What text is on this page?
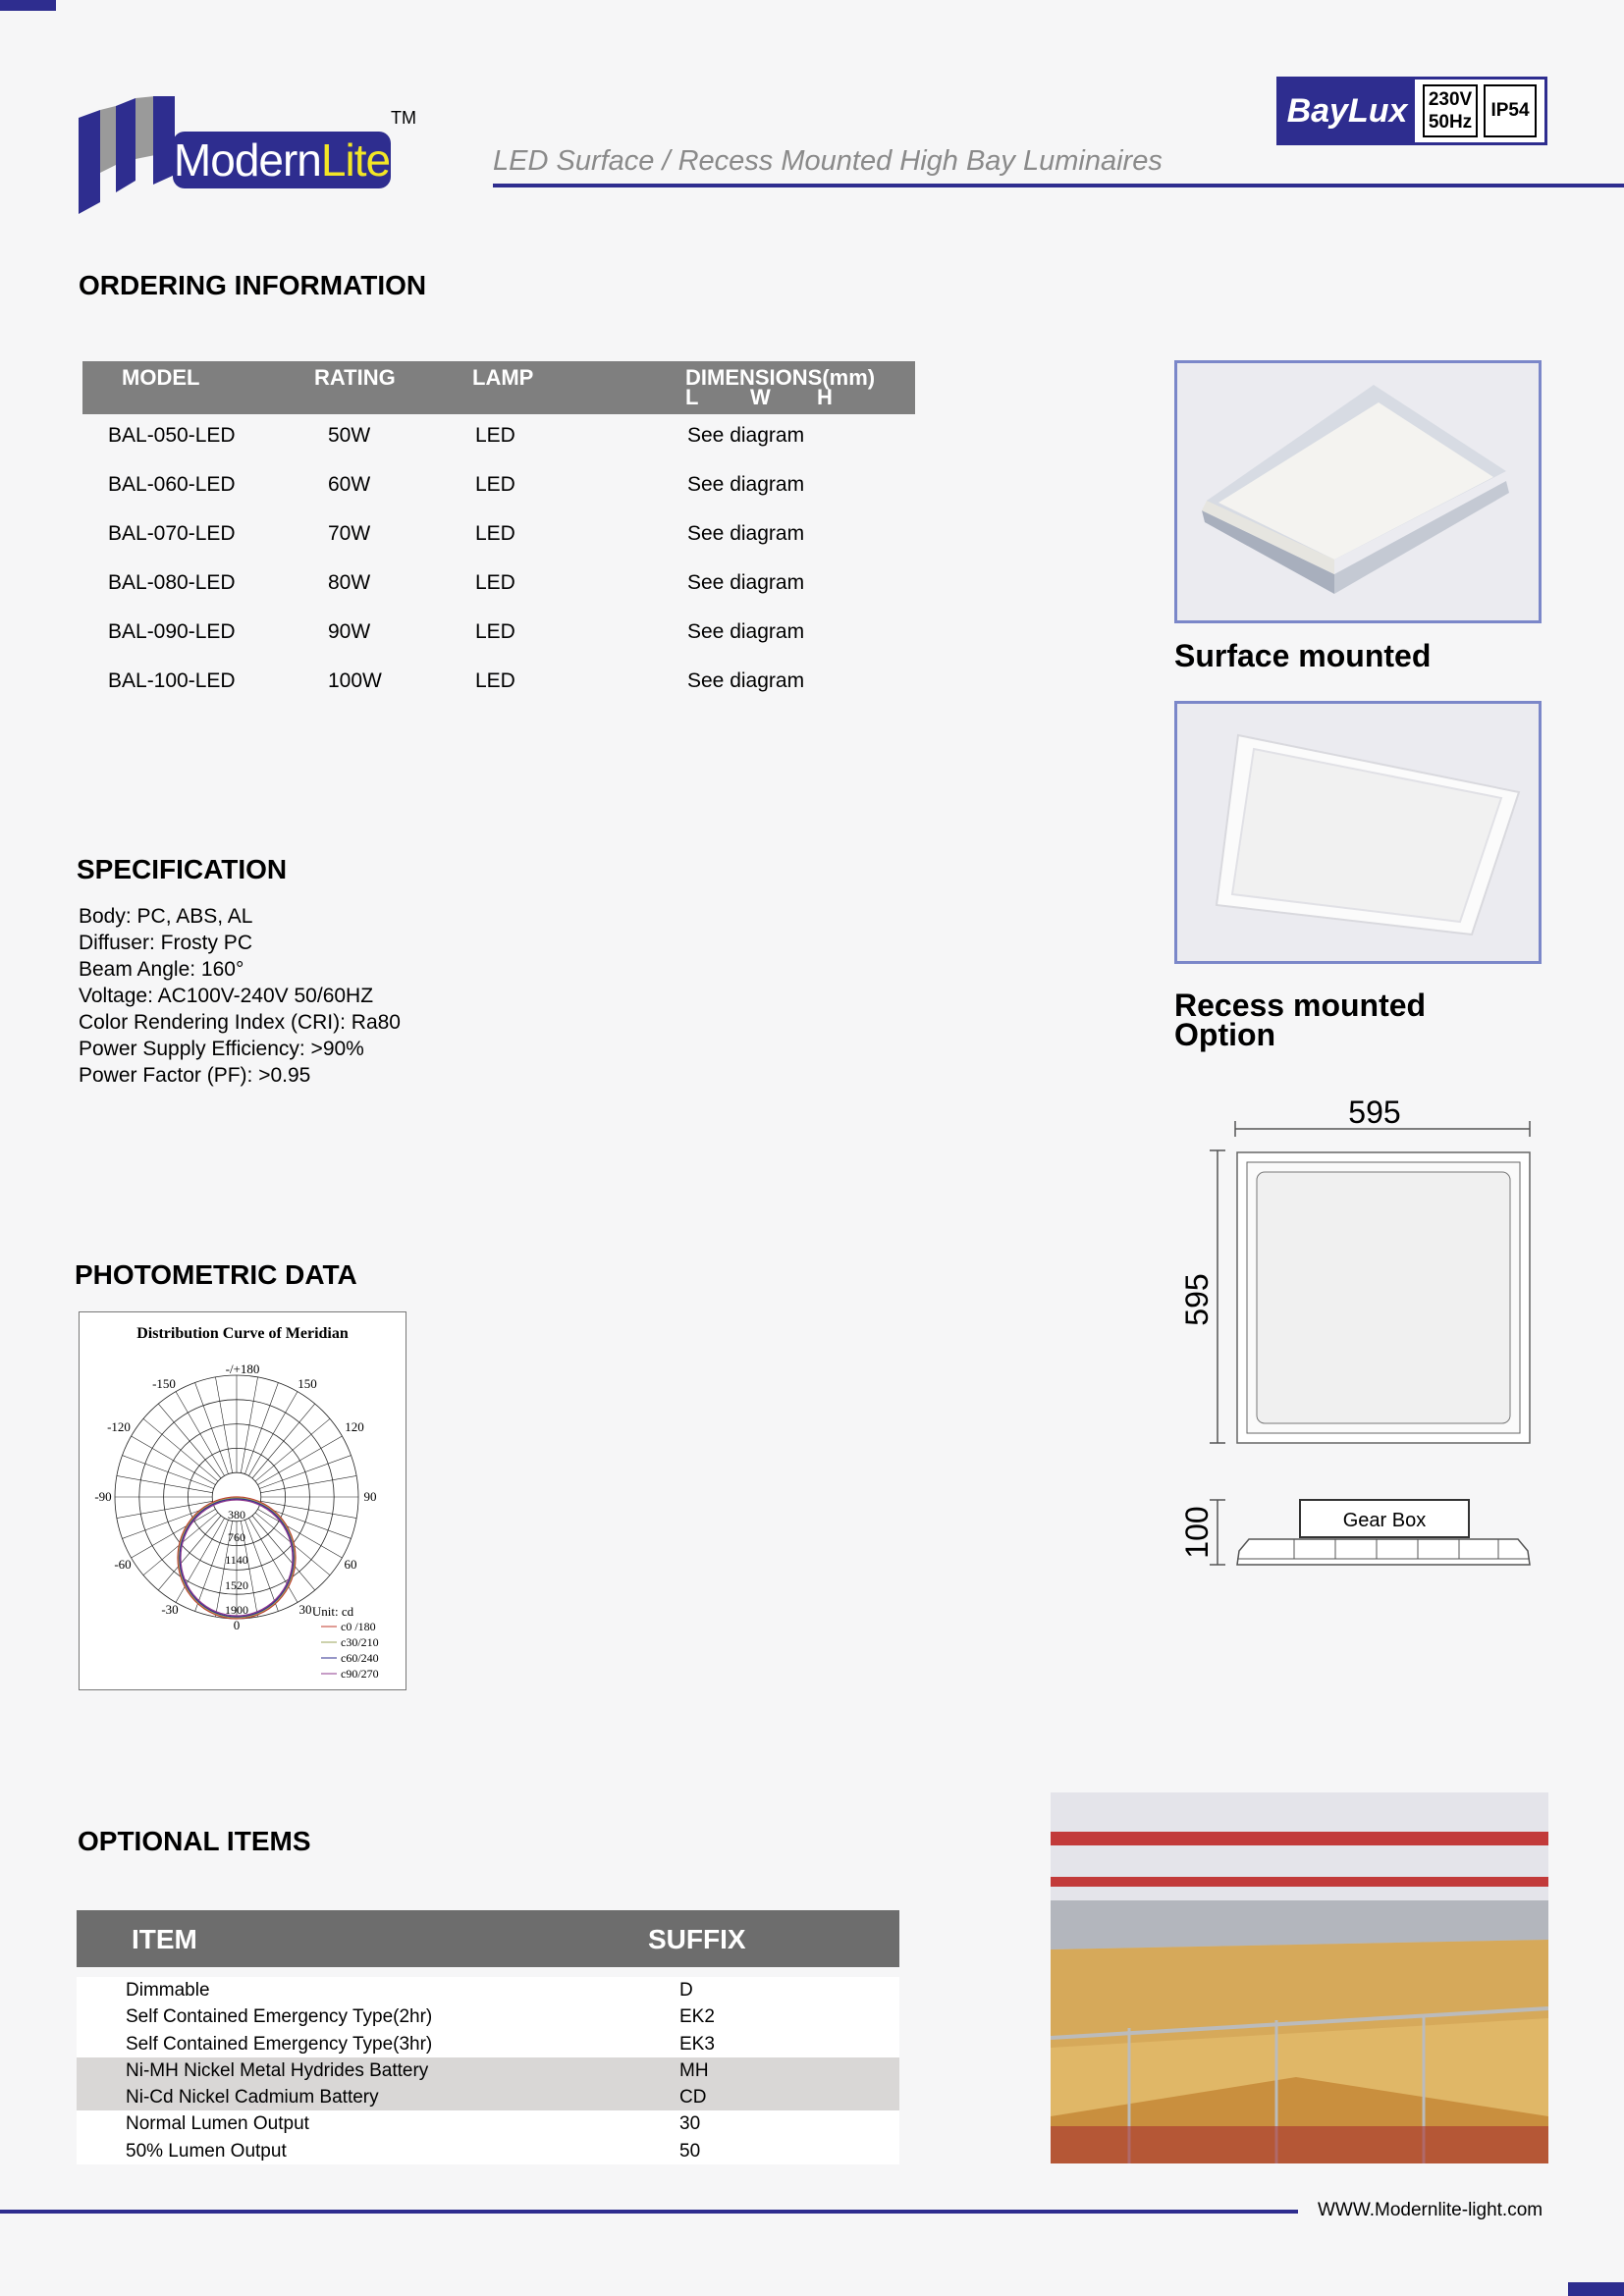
Modern Lite
TM
LED Surface / Recess Mounted High Bay Luminaires
BayLux	230V
50Hz
IP54
ORDERING INFORMATION
MODEL	RATING	LAMP	DIMENSIONS(mm)
L W H
BAL-050-LED	50W	LED	See diagram
BAL-060-LED	60W	LED	See diagram
BAL-070-LED	70W	LED	See diagram
BAL-080-LED	80W	LED	See diagram
BAL-090-LED	90W	LED	See diagram
BAL-100-LED	100W	LED	See diagram
Surface mounted
Recess mounted
Option
SPECIFICATION
Body: PC, ABS, AL
Diffuser: Frosty PC
Beam Angle: 160°
Voltage: AC100V-240V 50/60HZ
Color Rendering Index (CRI): Ra80
Power Supply Efficiency: >90%
Power Factor (PF): >0.95
PHOTOMETRIC DATA
Distribution Curve of Meridian
-/+180
-150	150
-120	120
-90	90
-60	60
-30	30
0
380
760
1140
1520
1900	Unit: cd
c0 /180
c30/210
c60/240
c90/270
595
595
100	Gear Box
OPTIONAL ITEMS
ITEM	SUFFIX
Dimmable	D
Self Contained Emergency Type(2hr)	EK2
Self Contained Emergency Type(3hr)	EK3
Ni-MH Nickel Metal Hydrides Battery	MH
Ni-Cd Nickel Cadmium Battery	CD
Normal Lumen Output	30
50% Lumen Output	50
WWW.Modernlite-light.com
